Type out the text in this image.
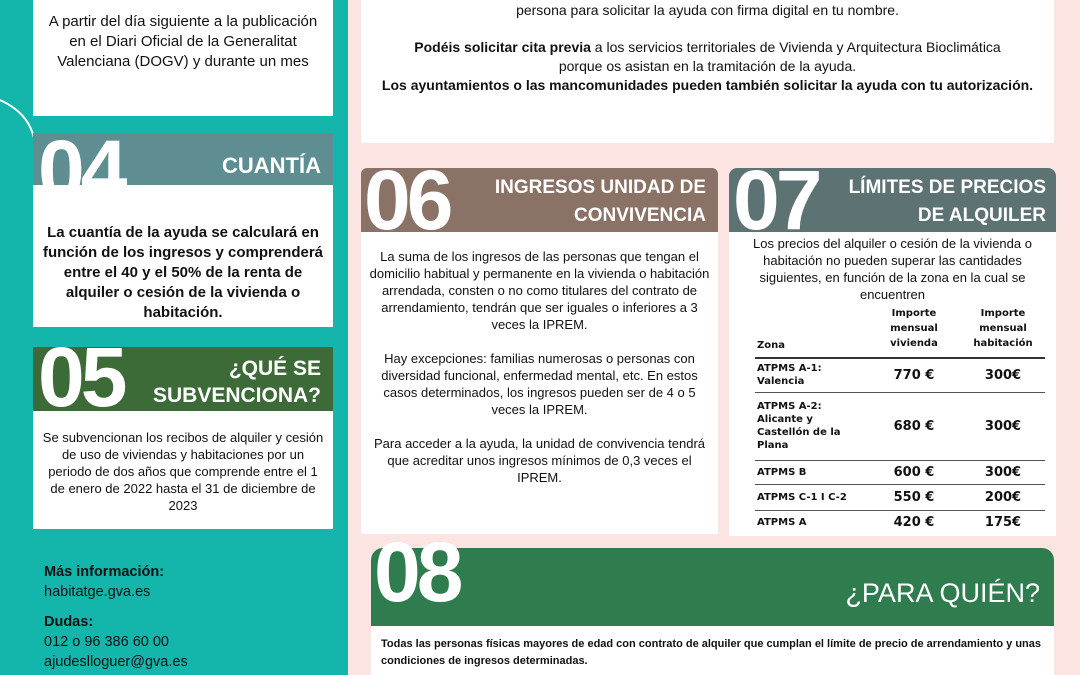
A partir del día siguiente a la publicación en el Diari Oficial de la Generalitat Valenciana (DOGV) y durante un mes
CUANTÍA
La cuantía de la ayuda se calculará en función de los ingresos y comprenderá entre el 40 y el 50% de la renta de alquiler o cesión de la vivienda o habitación.
04
¿QUÉ SE
SUBVENCIONA?
Se subvencionan los recibos de alquiler y cesión de uso de viviendas y habitaciones por un periodo de dos años que comprende entre el 1 de enero de 2022 hasta el 31 de diciembre de 2023
05
Más información:
habitatge.gva.es
Dudas:
012 o 96 386 60 00
ajudeslloguer@gva.es
persona para solicitar la ayuda con firma digital en tu nombre.
Podéis solicitar cita previa a los servicios territoriales de Vivienda y Arquitectura Bioclimática porque os asistan en la tramitación de la ayuda.
Los ayuntamientos o las mancomunidades pueden también solicitar la ayuda con tu autorización.
INGRESOS UNIDAD DE
CONVIVENCIA
La suma de los ingresos de las personas que tengan el domicilio habitual y permanente en la vivienda o habitación arrendada, consten o no como titulares del contrato de arrendamiento, tendrán que ser iguales o inferiores a 3 veces la IPREM.
Hay excepciones: familias numerosas o personas con diversidad funcional, enfermedad mental, etc. En estos casos determinados, los ingresos pueden ser de 4 o 5 veces la IPREM.
Para acceder a la ayuda, la unidad de convivencia tendrá que acreditar unos ingresos mínimos de 0,3 veces el IPREM.
06	LÍMITES DE PRECIOS
DE ALQUILER
Los precios del alquiler o cesión de la vivienda o habitación no pueden superar las cantidades siguientes, en función de la zona en la cual se encuentren
Zona	Importe mensual vivienda	Importe mensual habitación
ATPMS A-1: Valencia	770 €	300€
ATPMS A-2: Alicante y Castellón de la Plana	680 €	300€
ATPMS B	600 €	300€
ATPMS C-1 I C-2	550 €	200€
ATPMS A	420 €	175€
07
¿PARA QUIÉN?
Todas las personas físicas mayores de edad con contrato de alquiler que cumplan el límite de precio de arrendamiento y unas condiciones de ingresos determinadas.
08
